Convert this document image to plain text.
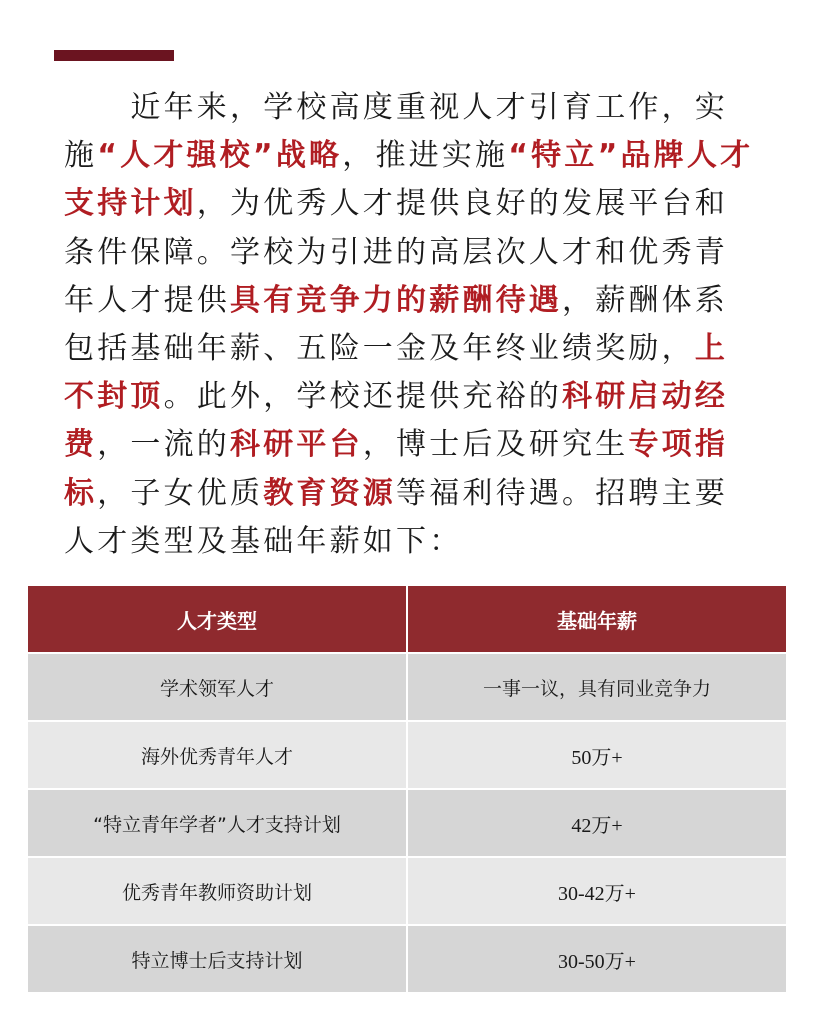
　　近年来，学校高度重视人才引育工作，实施“人才强校”战略，推进实施“特立”品牌人才支持计划，为优秀人才提供良好的发展平台和条件保障。学校为引进的高层次人才和优秀青年人才提供具有竞争力的薪酬待遇，薪酬体系包括基础年薪、五险一金及年终业绩奖励，上不封顶。此外，学校还提供充裕的科研启动经费，一流的科研平台，博士后及研究生专项指标，子女优质教育资源等福利待遇。招聘主要人才类型及基础年薪如下：

人才类型	基础年薪
学术领军人才	一事一议，具有同业竞争力
海外优秀青年人才	50万+
“特立青年学者”人才支持计划	42万+
优秀青年教师资助计划	30-42万+
特立博士后支持计划	30-50万+
